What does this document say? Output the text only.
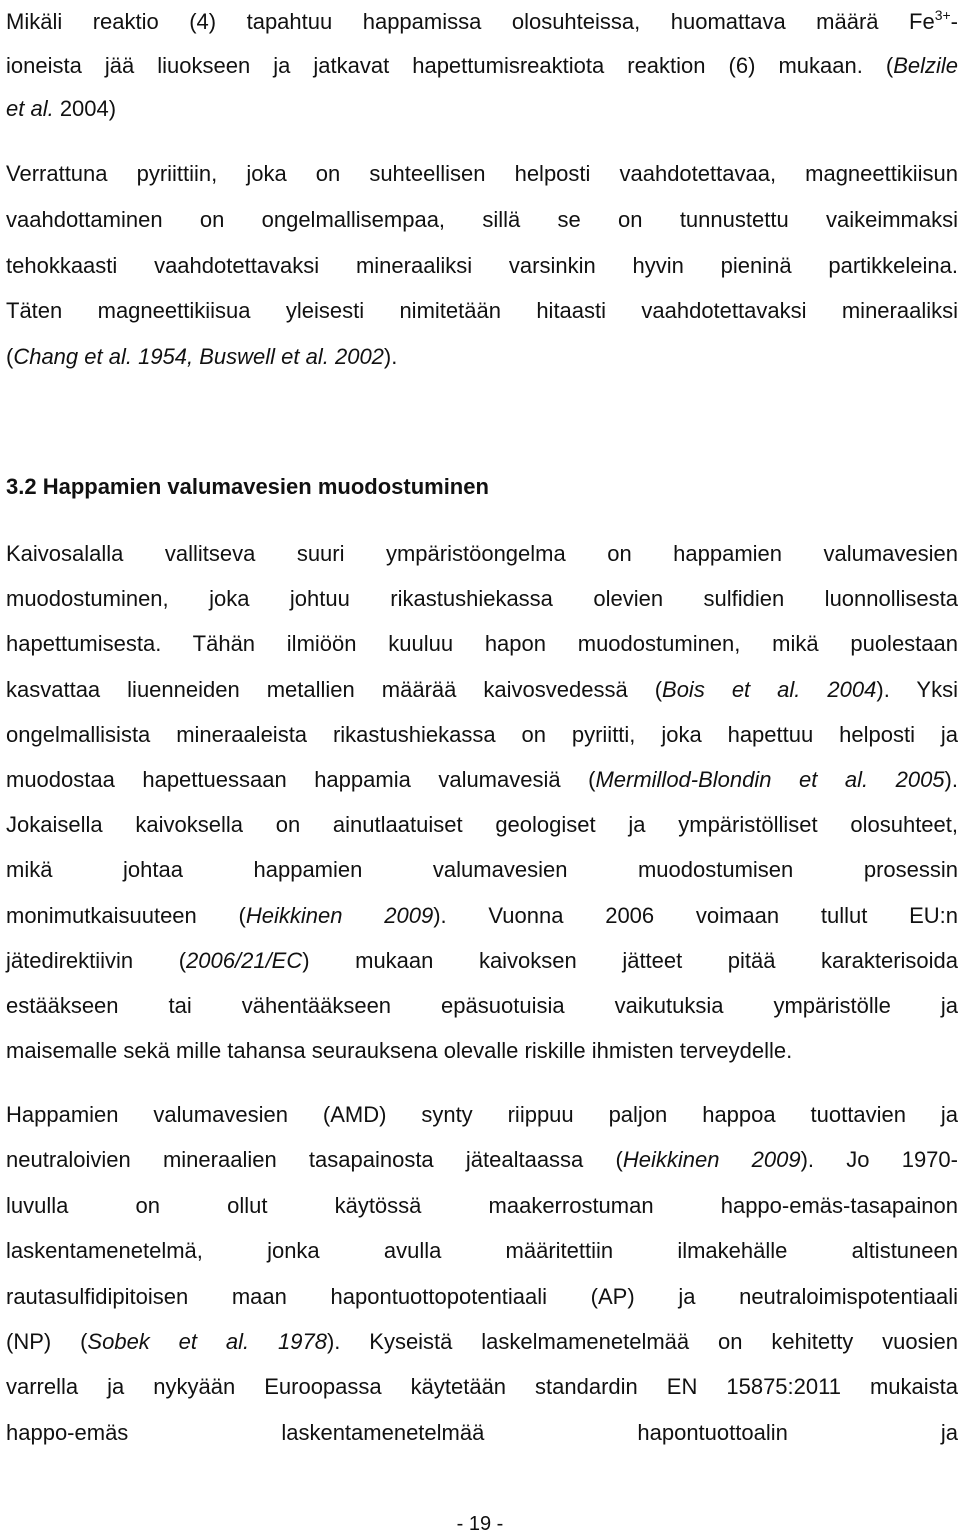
Mikäli reaktio (4) tapahtuu happamissa olosuhteissa, huomattava määrä $Fe^{3+}-$
ioneista jää liuokseen ja jatkavat hapettumisreaktiota reaktion (6) mukaan. (Belzile
et al. 2004)

Verrattuna pyriittiin, joka on suhteellisen helposti vaahdotettavaa, magneettikiisun
vaahdottaminen on ongelmallisempaa, sillä se on tunnustettu vaikeimmaksi
tehokkaasti vaahdotettavaksi mineraaliksi varsinkin hyvin pieninä partikkeleina.
Täten magneettikiisua yleisesti nimitetään hitaasti vaahdotettavaksi mineraaliksi
(Chang et al. 1954, Buswell et al. 2002).

3.2 Happamien valumavesien muodostuminen

Kaivosalalla vallitseva suuri ympäristöongelma on happamien valumavesien
muodostuminen, joka johtuu rikastushiekassa olevien sulfidien luonnollisesta
hapettumisesta. Tähän ilmiöön kuuluu hapon muodostuminen, mikä puolestaan
kasvattaa liuenneiden metallien määrää kaivosvedessä (Bois et al. 2004). Yksi
ongelmallisista mineraaleista rikastushiekassa on pyriitti, joka hapettuu helposti ja
muodostaa hapettuessaan happamia valumavesiä (Mermillod-Blondin et al. 2005).
Jokaisella kaivoksella on ainutlaatuiset geologiset ja ympäristölliset olosuhteet,
mikä johtaa happamien valumavesien muodostumisen prosessin
monimutkaisuuteen (Heikkinen 2009). Vuonna 2006 voimaan tullut EU:n
jätedirektiivin (2006/21/EC) mukaan kaivoksen jätteet pitää karakterisoida
estääkseen tai vähentääkseen epäsuotuisia vaikutuksia ympäristölle ja
maisemalle sekä mille tahansa seurauksena olevalle riskille ihmisten terveydelle.

Happamien valumavesien (AMD) synty riippuu paljon happoa tuottavien ja
neutraloivien mineraalien tasapainosta jätealtaassa (Heikkinen 2009). Jo 1970-
luvulla on ollut käytössä maakerrostuman happo-emäs-tasapainon
laskentamenetelmä, jonka avulla määritettiin ilmakehälle altistuneen
rautasulfidipitoisen maan hapontuottopotentiaali (AP) ja neutraloimispotentiaali
(NP) (Sobek et al. 1978). Kyseistä laskelmamenetelmää on kehitetty vuosien
varrella ja nykyään Euroopassa käytetään standardin EN 15875:2011 mukaista
happo-emäs laskentamenetelmää hapontuottoalin ja

- 19 -
